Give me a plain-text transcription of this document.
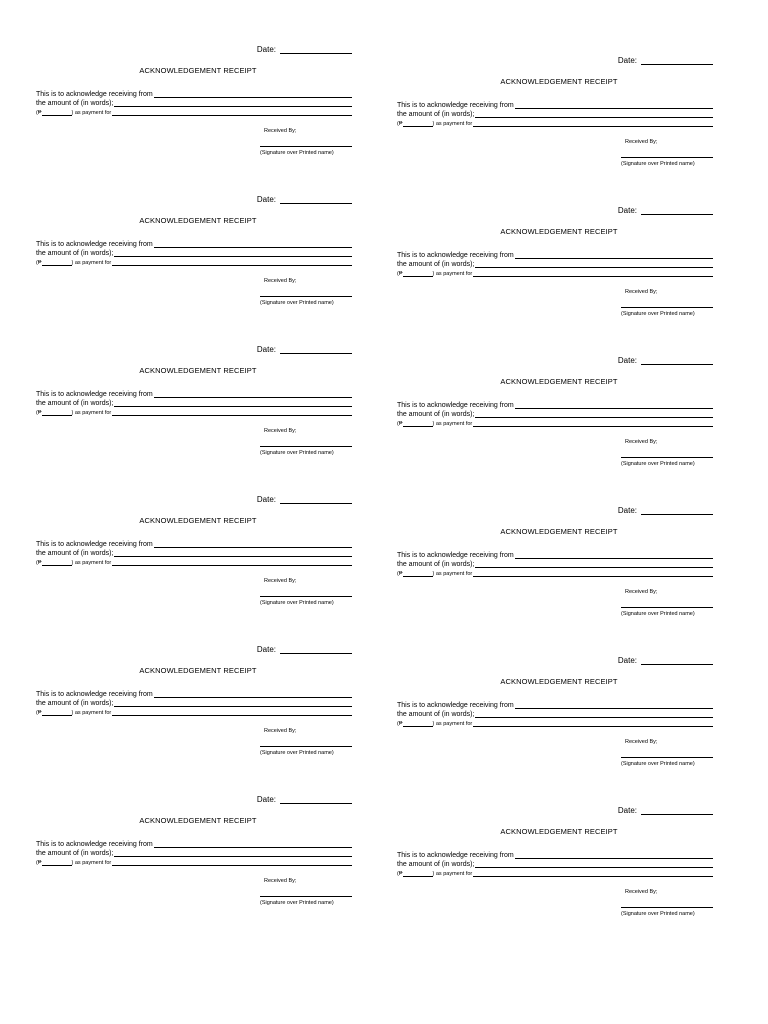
Date:
ACKNOWLEDGEMENT RECEIPT
This is to acknowledge receiving from
the amount of (in words);
(₱	) as payment for
Received By;
(Signature over Printed name)
Date:
ACKNOWLEDGEMENT RECEIPT
This is to acknowledge receiving from
the amount of (in words);
(₱	) as payment for
Received By;
(Signature over Printed name)
Date:
ACKNOWLEDGEMENT RECEIPT
This is to acknowledge receiving from
the amount of (in words);
(₱	) as payment for
Received By;
(Signature over Printed name)
Date:
ACKNOWLEDGEMENT RECEIPT
This is to acknowledge receiving from
the amount of (in words);
(₱	) as payment for
Received By;
(Signature over Printed name)
Date:
ACKNOWLEDGEMENT RECEIPT
This is to acknowledge receiving from
the amount of (in words);
(₱	) as payment for
Received By;
(Signature over Printed name)
Date:
ACKNOWLEDGEMENT RECEIPT
This is to acknowledge receiving from
the amount of (in words);
(₱	) as payment for
Received By;
(Signature over Printed name)
Date:
ACKNOWLEDGEMENT RECEIPT
This is to acknowledge receiving from
the amount of (in words);
(₱	) as payment for
Received By;
(Signature over Printed name)
Date:
ACKNOWLEDGEMENT RECEIPT
This is to acknowledge receiving from
the amount of (in words);
(₱	) as payment for
Received By;
(Signature over Printed name)
Date:
ACKNOWLEDGEMENT RECEIPT
This is to acknowledge receiving from
the amount of (in words);
(₱	) as payment for
Received By;
(Signature over Printed name)
Date:
ACKNOWLEDGEMENT RECEIPT
This is to acknowledge receiving from
the amount of (in words);
(₱	) as payment for
Received By;
(Signature over Printed name)
Date:
ACKNOWLEDGEMENT RECEIPT
This is to acknowledge receiving from
the amount of (in words);
(₱	) as payment for
Received By;
(Signature over Printed name)
Date:
ACKNOWLEDGEMENT RECEIPT
This is to acknowledge receiving from
the amount of (in words);
(₱	) as payment for
Received By;
(Signature over Printed name)
